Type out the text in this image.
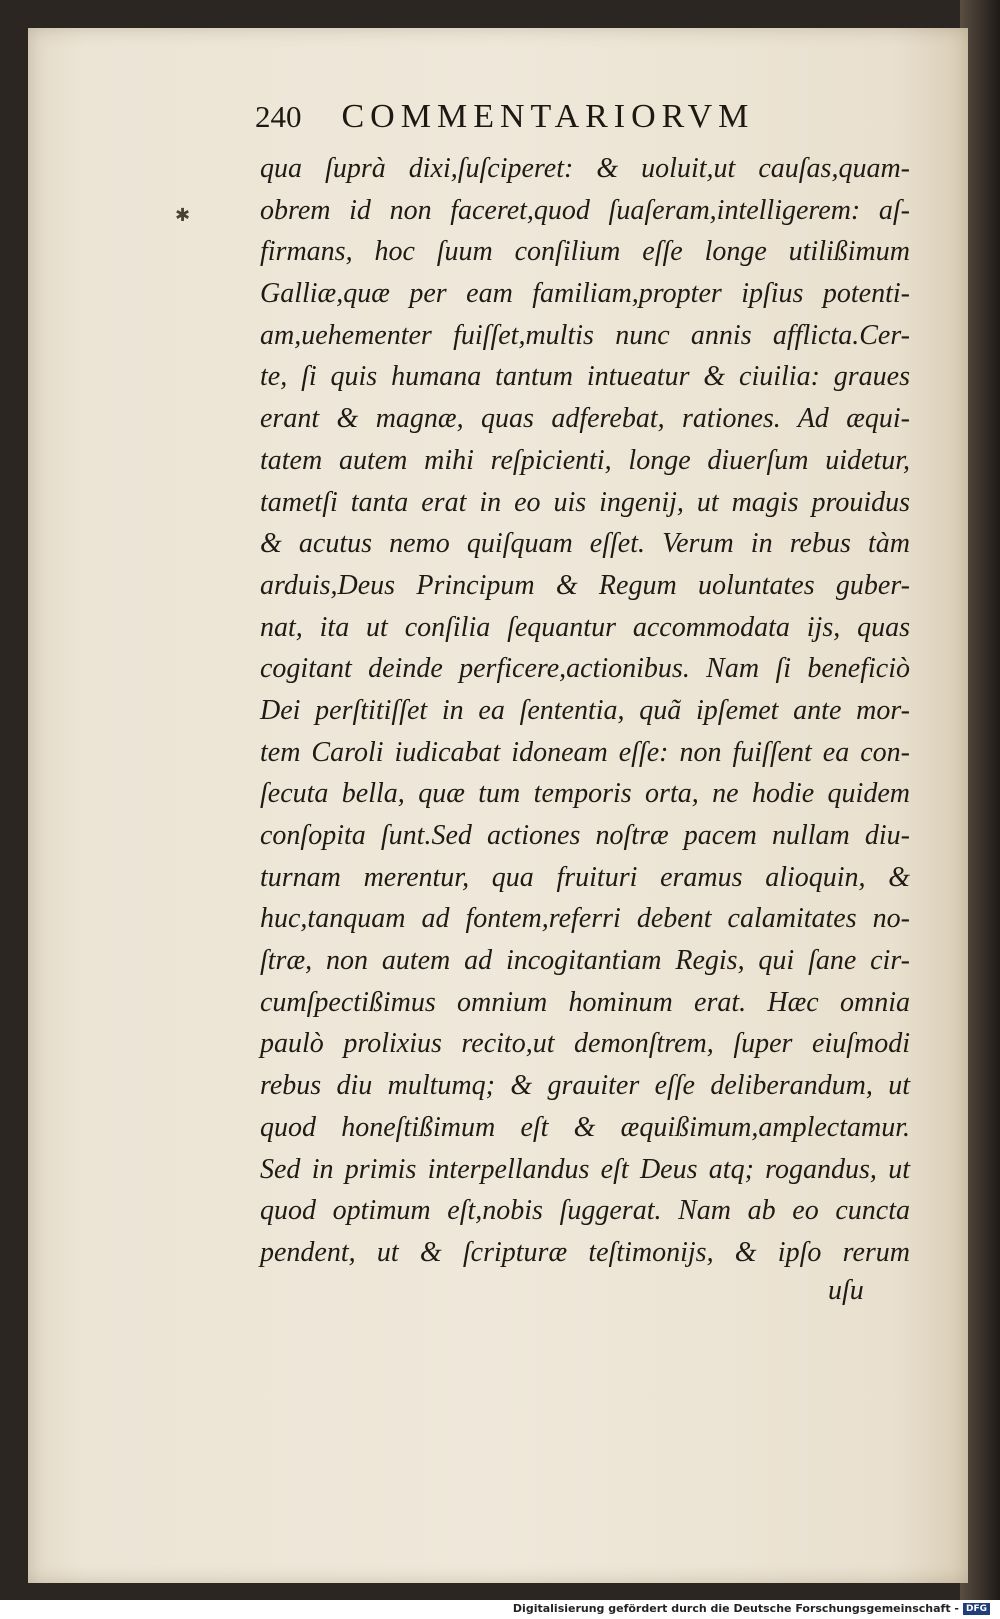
240 COMMENTARIORVM
✱
qua ſuprà dixi,ſuſciperet: & uoluit,ut cauſas,quam-
obrem id non faceret,quod ſuaſeram,intelligerem: aſ-
firmans, hoc ſuum conſilium eſſe longe utilißimum
Galliæ,quæ per eam familiam,propter ipſius potenti-
am,uehementer fuiſſet,multis nunc annis afflicta.Cer-
te, ſi quis humana tantum intueatur & ciuilia: graues
erant & magnæ, quas adferebat, rationes. Ad æqui-
tatem autem mihi reſpicienti, longe diuerſum uidetur,
tametſi tanta erat in eo uis ingenij, ut magis prouidus
& acutus nemo quiſquam eſſet. Verum in rebus tàm
arduis,Deus Principum & Regum uoluntates guber-
nat, ita ut conſilia ſequantur accommodata ijs, quas
cogitant deinde perficere,actionibus. Nam ſi beneficiò
Dei perſtitiſſet in ea ſententia, quã ipſemet ante mor-
tem Caroli iudicabat idoneam eſſe: non fuiſſent ea con-
ſecuta bella, quæ tum temporis orta, ne hodie quidem
conſopita ſunt.Sed actiones noſtræ pacem nullam diu-
turnam merentur, qua fruituri eramus alioquin, &
huc,tanquam ad fontem,referri debent calamitates no-
ſtræ, non autem ad incogitantiam Regis, qui ſane cir-
cumſpectißimus omnium hominum erat. Hæc omnia
paulò prolixius recito,ut demonſtrem, ſuper eiuſmodi
rebus diu multumq; & grauiter eſſe deliberandum, ut
quod honeſtißimum eſt & æquißimum,amplectamur.
Sed in primis interpellandus eſt Deus atq; rogandus, ut
quod optimum eſt,nobis ſuggerat. Nam ab eo cuncta
pendent, ut & ſcripturæ teſtimonijs, & ipſo rerum
uſu
Digitalisierung gefördert durch die Deutsche Forschungsgemeinschaft - DFG
